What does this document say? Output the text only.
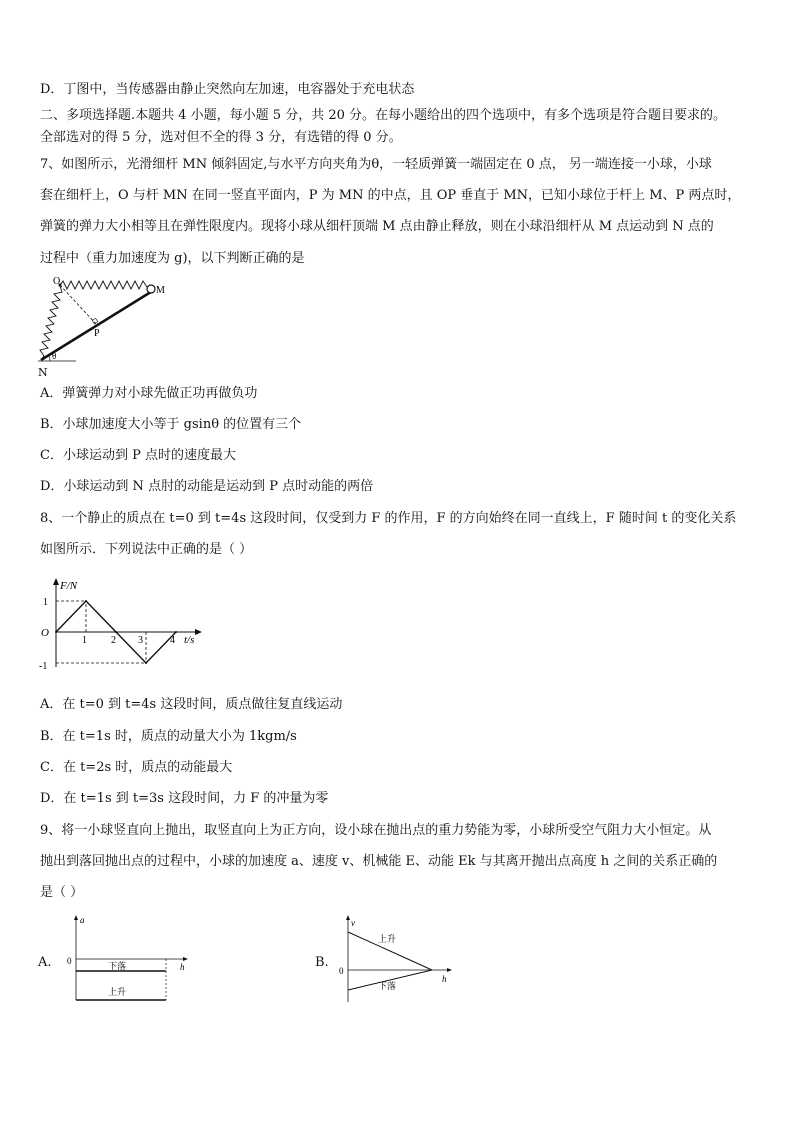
D．丁图中，当传感器由静止突然向左加速，电容器处于充电状态
二、多项选择题.本题共 4 小题，每小题 5 分，共 20 分。在每小题给出的四个选项中，有多个选项是符合题目要求的。
全部选对的得 5 分，选对但不全的得 3 分，有选错的得 0 分。
7、如图所示，光滑细杆 MN 倾斜固定,与水平方向夹角为θ，一轻质弹簧一端固定在 0 点， 另一端连接一小球，小球
套在细杆上，O 与杆 MN 在同一竖直平面内，P 为 MN 的中点，且 OP 垂直于 MN，已知小球位于杆上 M、P 两点时，
弹簧的弹力大小相等且在弹性限度内。现将小球从细杆顶端 M 点由静止释放，则在小球沿细杆从 M 点运动到 N 点的
过程中（重力加速度为 g)，以下判断正确的是
O
M
P
θ
N
A．弹簧弹力对小球先做正功再做负功
B．小球加速度大小等于 gsinθ 的位置有三个
C．小球运动到 P 点时的速度最大
D．小球运动到 N 点肘的动能是运动到 P 点时动能的两倍
8、一个静止的质点在 t=0 到 t=4s 这段时间，仅受到力 F 的作用，F 的方向始终在同一直线上，F 随时间 t 的变化关系
如图所示．下列说法中正确的是（ ）
F/N
t/s
O
1
-1
1 2 3	4
A．在 t=0 到 t=4s 这段时间，质点做往复直线运动
B．在 t=1s 时，质点的动量大小为 1kgm/s
C．在 t=2s 时，质点的动能最大
D．在 t=1s 到 t=3s 这段时间，力 F 的冲量为零
9、将一小球竖直向上抛出，取竖直向上为正方向，设小球在抛出点的重力势能为零，小球所受空气阻力大小恒定。从
抛出到落回抛出点的过程中，小球的加速度 a、速度 v、机械能 E、动能 Ek 与其离开抛出点高度 h 之间的关系正确的
是（ ）
A.
a
h
0	下落
上升
B.
v
h
0
上升
下落
